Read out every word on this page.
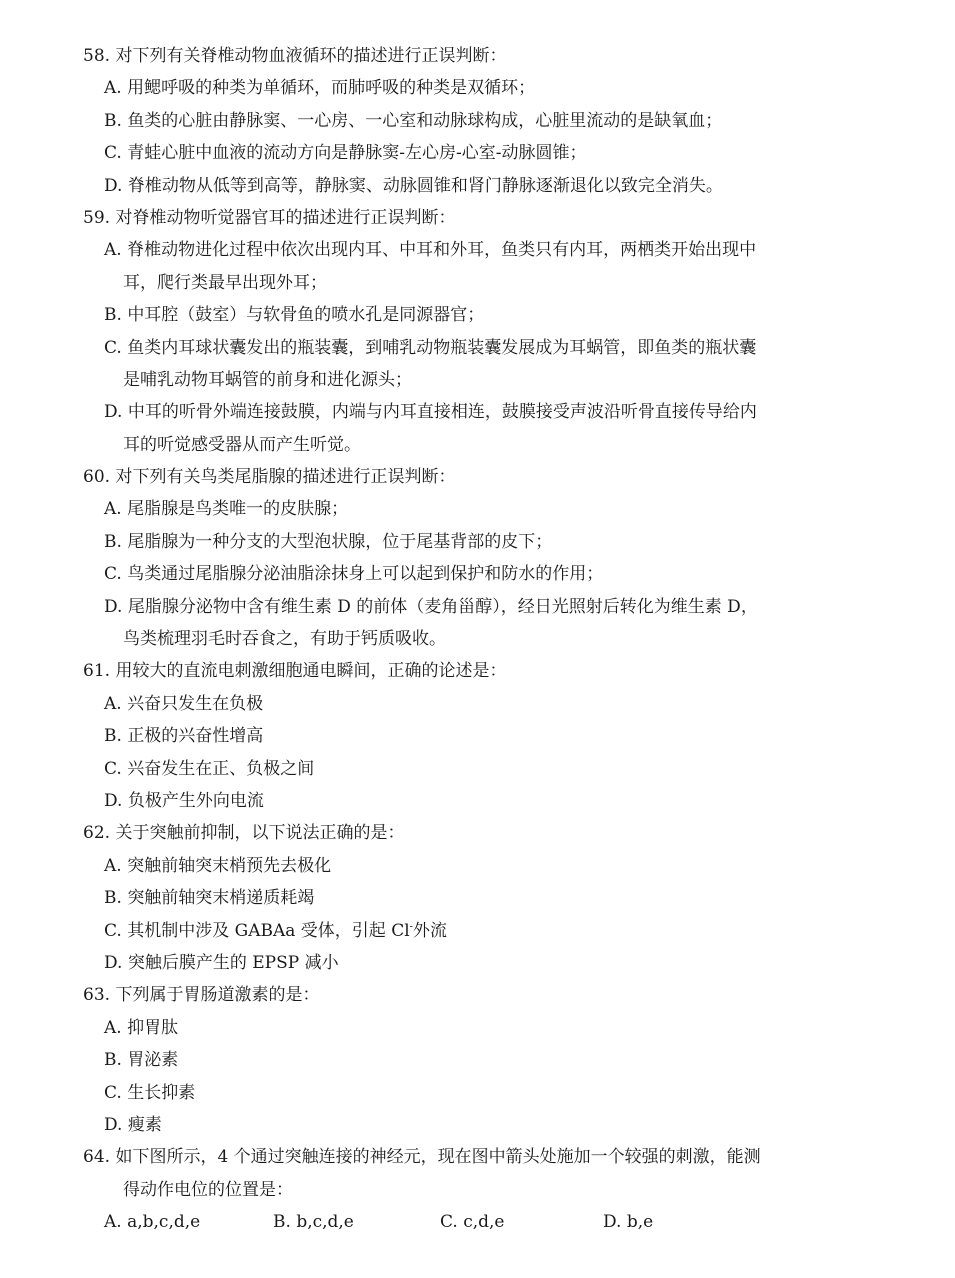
58. 对下列有关脊椎动物血液循环的描述进行正误判断：
A. 用鳃呼吸的种类为单循环，而肺呼吸的种类是双循环；
B. 鱼类的心脏由静脉窦、一心房、一心室和动脉球构成，心脏里流动的是缺氧血；
C. 青蛙心脏中血液的流动方向是静脉窦-左心房-心室-动脉圆锥；
D. 脊椎动物从低等到高等，静脉窦、动脉圆锥和肾门静脉逐渐退化以致完全消失。
59. 对脊椎动物听觉器官耳的描述进行正误判断：
A. 脊椎动物进化过程中依次出现内耳、中耳和外耳，鱼类只有内耳，两栖类开始出现中
耳，爬行类最早出现外耳；
B. 中耳腔（鼓室）与软骨鱼的喷水孔是同源器官；
C. 鱼类内耳球状囊发出的瓶装囊，到哺乳动物瓶装囊发展成为耳蜗管，即鱼类的瓶状囊
是哺乳动物耳蜗管的前身和进化源头；
D. 中耳的听骨外端连接鼓膜，内端与内耳直接相连，鼓膜接受声波沿听骨直接传导给内
耳的听觉感受器从而产生听觉。
60. 对下列有关鸟类尾脂腺的描述进行正误判断：
A. 尾脂腺是鸟类唯一的皮肤腺；
B. 尾脂腺为一种分支的大型泡状腺，位于尾基背部的皮下；
C. 鸟类通过尾脂腺分泌油脂涂抹身上可以起到保护和防水的作用；
D. 尾脂腺分泌物中含有维生素 D 的前体（麦角甾醇），经日光照射后转化为维生素 D，
鸟类梳理羽毛时吞食之，有助于钙质吸收。
61. 用较大的直流电刺激细胞通电瞬间，正确的论述是：
A. 兴奋只发生在负极
B. 正极的兴奋性增高
C. 兴奋发生在正、负极之间
D. 负极产生外向电流
62. 关于突触前抑制，以下说法正确的是：
A. 突触前轴突末梢预先去极化
B. 突触前轴突末梢递质耗竭
C. 其机制中涉及 GABAa 受体，引起 Cl-外流
D. 突触后膜产生的 EPSP 减小
63. 下列属于胃肠道激素的是：
A. 抑胃肽
B. 胃泌素
C. 生长抑素
D. 瘦素
64. 如下图所示，4 个通过突触连接的神经元，现在图中箭头处施加一个较强的刺激，能测
得动作电位的位置是：
A. a,b,c,d,e	B. b,c,d,e	C. c,d,e	D. b,e
